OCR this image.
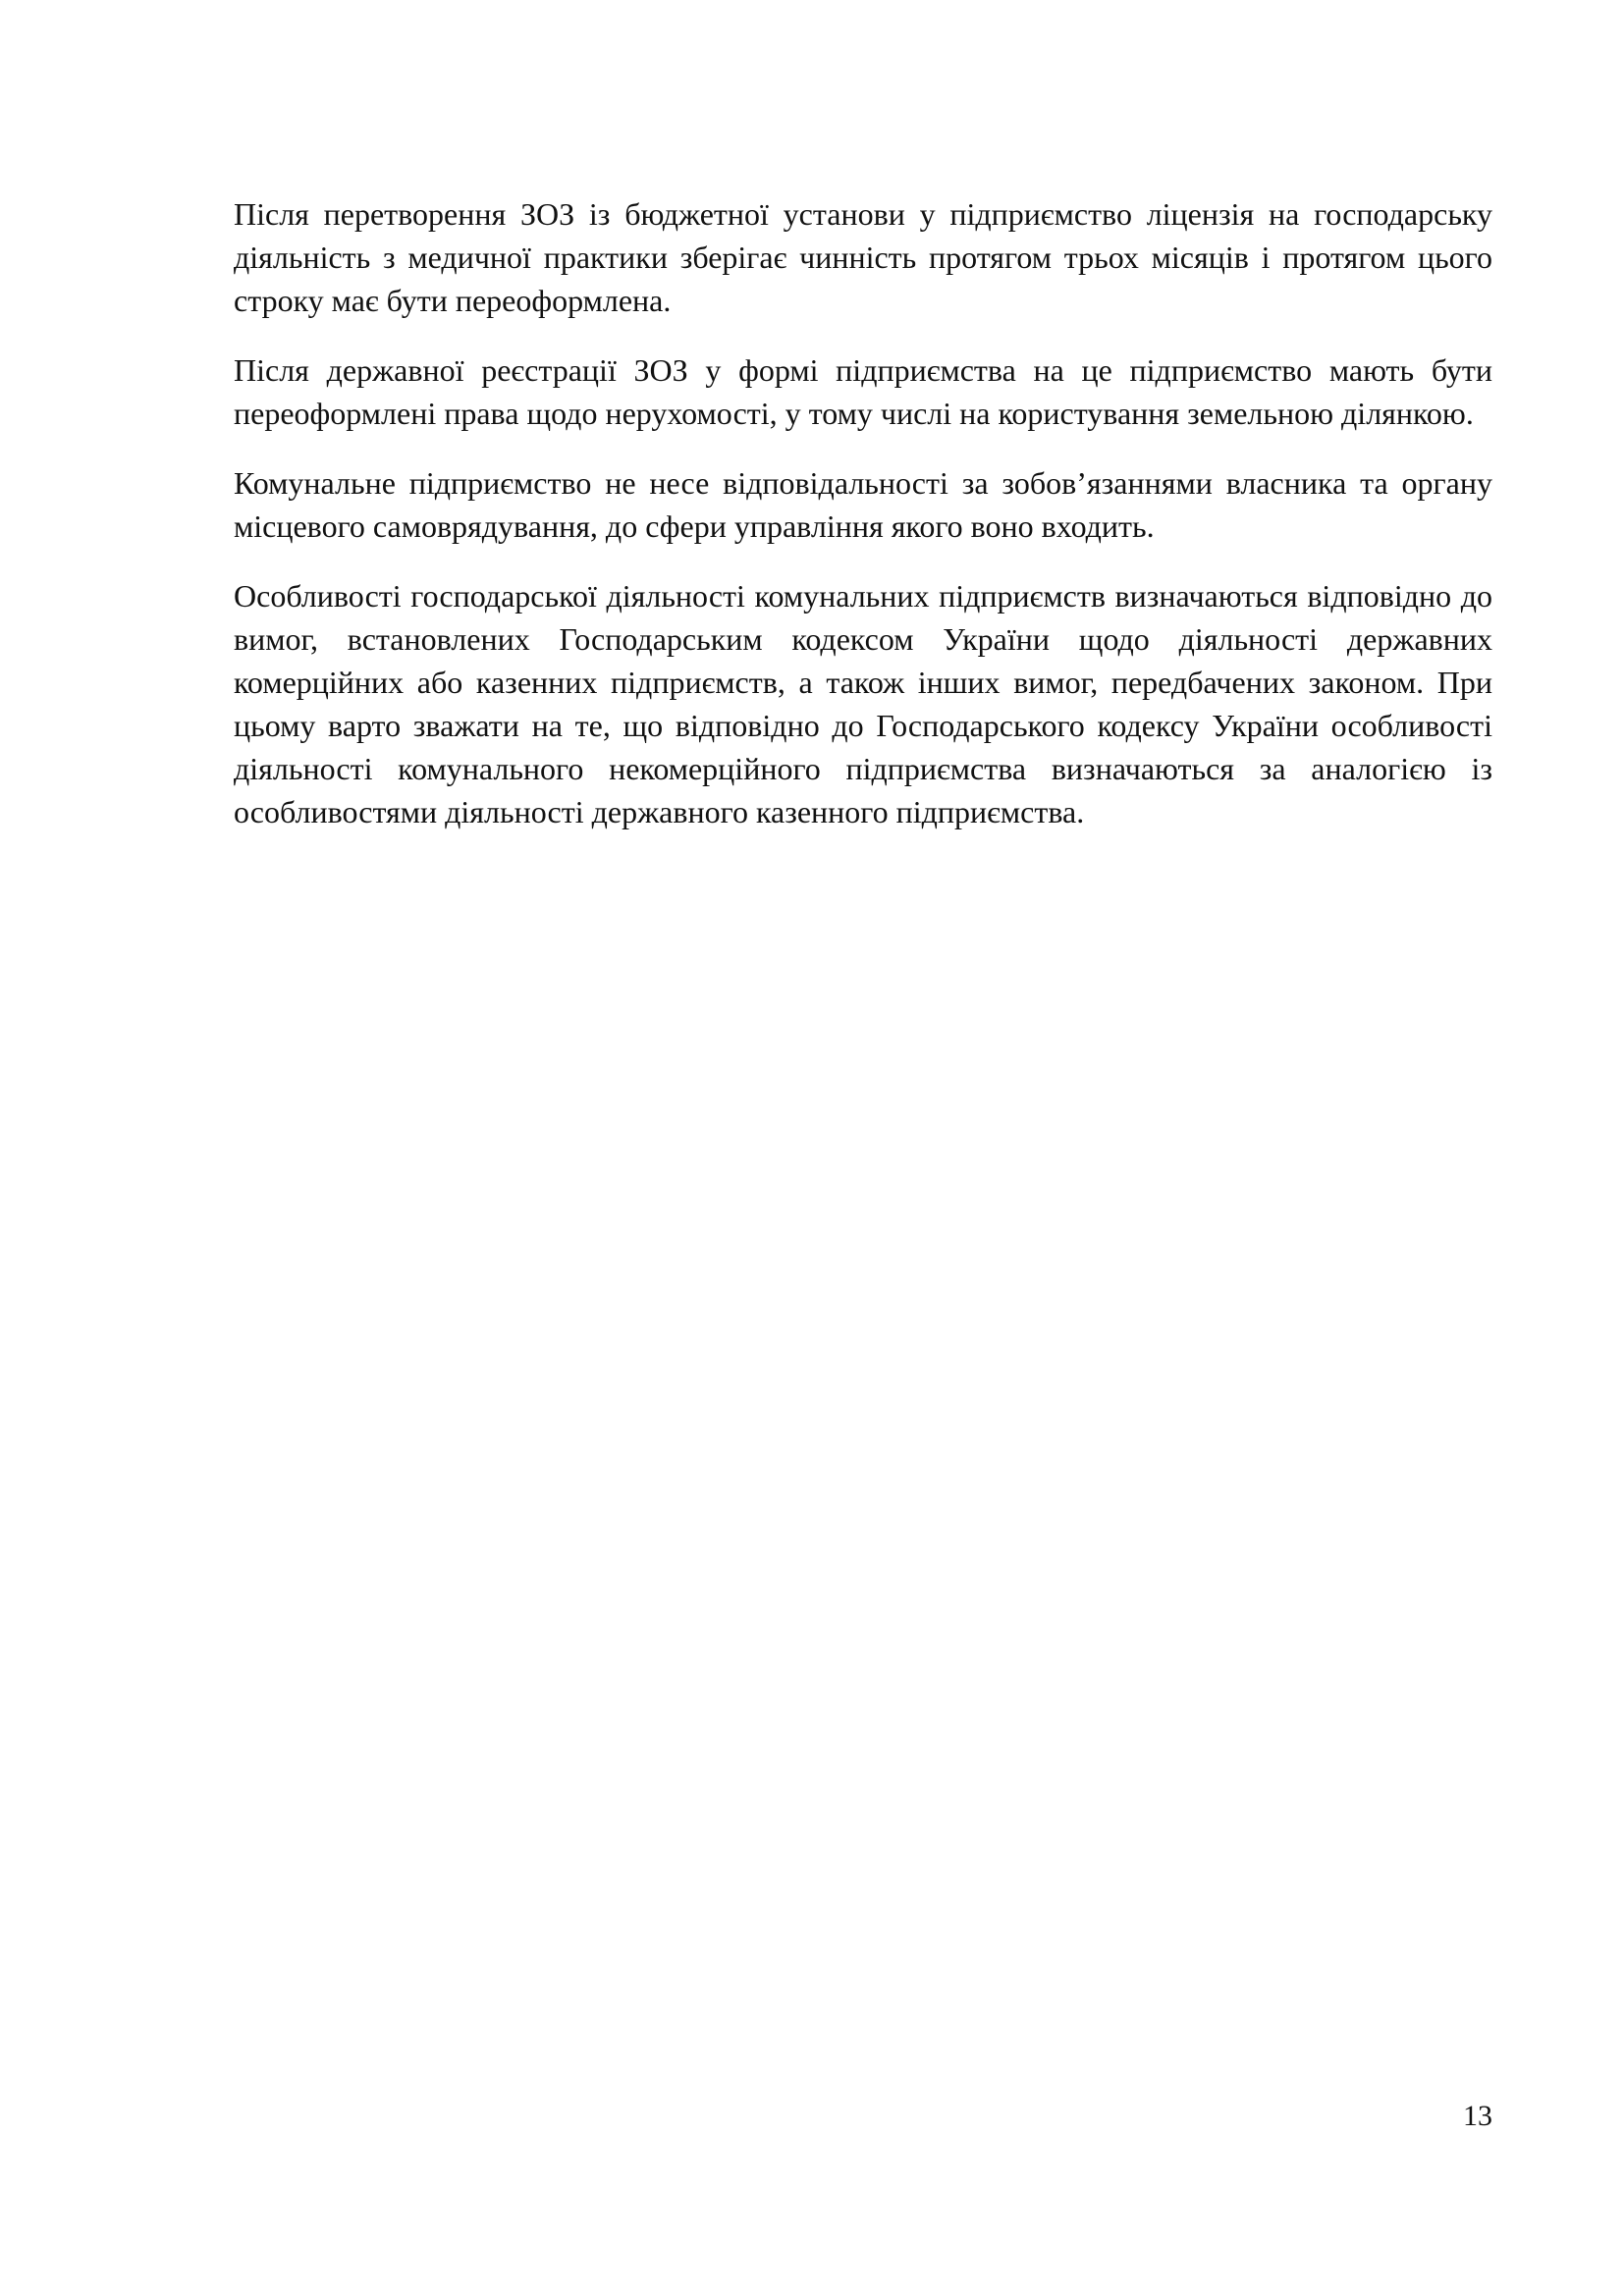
Після перетворення ЗОЗ із бюджетної установи у підприємство ліцензія на господарську діяльність з медичної практики зберігає чинність протягом трьох місяців і протягом цього строку має бути переоформлена.

Після державної реєстрації ЗОЗ у формі підприємства на це підприємство мають бути переоформлені права щодо нерухомості, у тому числі на користування земельною ділянкою.

Комунальне підприємство не несе відповідальності за зобов’язаннями власника та органу місцевого самоврядування, до сфери управління якого воно входить.

Особливості господарської діяльності комунальних підприємств визначаються відповідно до вимог, встановлених Господарським кодексом України щодо діяльності державних комерційних або казенних підприємств, а також інших вимог, передбачених законом. При цьому варто зважати на те, що відповідно до Господарського кодексу України особливості діяльності комунального некомерційного підприємства визначаються за аналогією із особливостями діяльності державного казенного підприємства.

13
